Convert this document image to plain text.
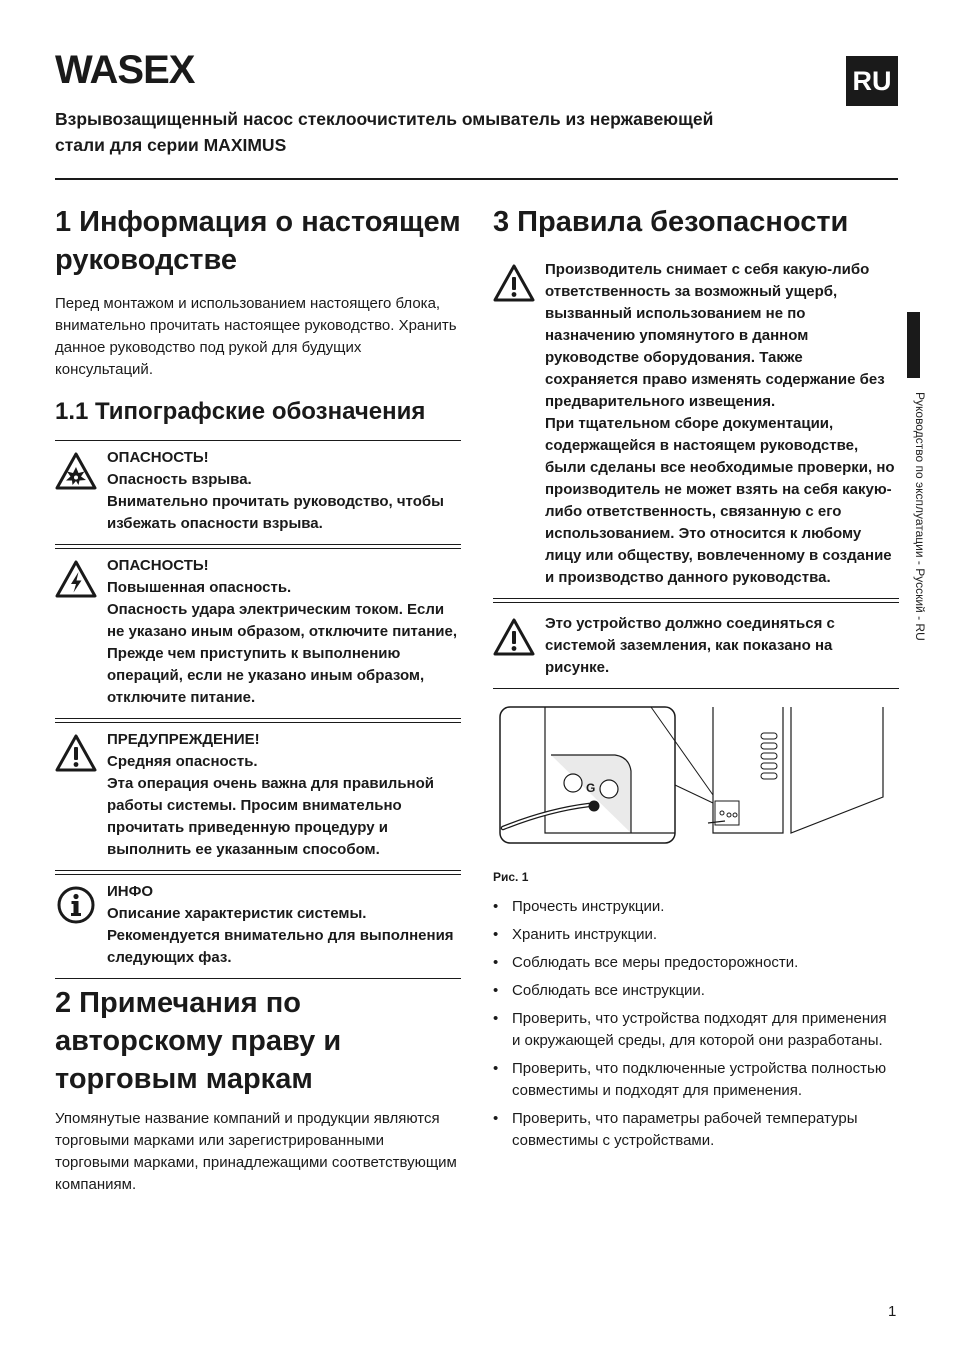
WASEX	RU
Взрывозащищенный насос стеклоочиститель омыватель из нержавеющей стали для серии MAXIMUS
Руководство по эксплуатации - Русский - RU
1 Информация о настоящем руководстве

Перед монтажом и использованием настоящего блока, внимательно прочитать настоящее руководство. Хранить данное руководство под рукой для будущих консультаций.

1.1 Типографские обозначения
ОПАСНОСТЬ!
Опасность взрыва.
Внимательно прочитать руководство, чтобы избежать опасности взрыва.
ОПАСНОСТЬ!
Повышенная опасность.
Опасность удара электрическим током. Если не указано иным образом, отключите питание, Прежде чем приступить к выполнению операций, если не указано иным образом, отключите питание.
ПРЕДУПРЕЖДЕНИЕ!
Средняя опасность.
Эта операция очень важна для правильной работы системы. Просим внимательно прочитать приведенную процедуру и выполнить ее указанным способом.
ИНФО
Описание характеристик системы. Рекомендуется внимательно для выполнения следующих фаз.
2 Примечания по авторскому праву и торговым маркам

Упомянутые название компаний и продукции являются торговыми марками или зарегистрированными торговыми марками, принадлежащими соответствующим компаниям.

3 Правила безопасности
Производитель снимает с себя какую-либо ответственность за возможный ущерб, вызванный использованием не по назначению упомянутого в данном руководстве оборудования. Также сохраняется право изменять содержание без предварительного извещения.
При тщательном сборе документации, содержащейся в настоящем руководстве, были сделаны все необходимые проверки, но производитель не может взять на себя какую-либо ответственность, связанную с его использованием. Это относится к любому лицу или обществу, вовлеченному в создание и производство данного руководства.
Это устройство должно соединяться с системой заземления, как показано на рисунке.
G
Рис. 1
• Прочесть инструкции.
• Хранить инструкции.
• Соблюдать все меры предосторожности.
• Соблюдать все инструкции.
• Проверить, что устройства подходят для применения и окружающей среды, для которой они разработаны.
• Проверить, что подключенные устройства полностью совместимы и подходят для применения.
• Проверить, что параметры рабочей температуры совместимы с устройствами.
1
